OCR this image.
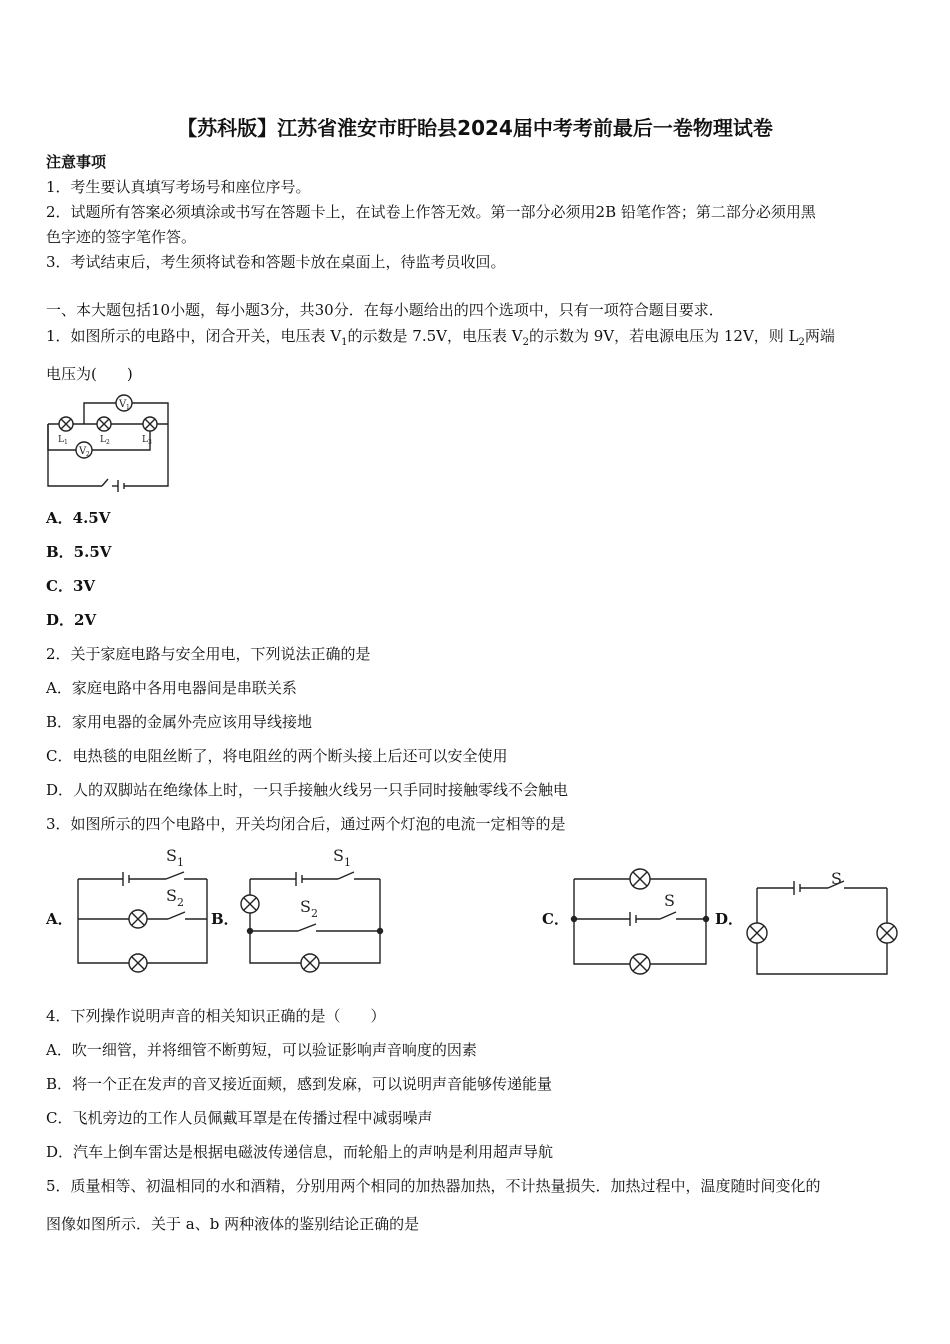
【苏科版】江苏省淮安市盱眙县2024届中考考前最后一卷物理试卷
注意事项
1．考生要认真填写考场号和座位序号。
2．试题所有答案必须填涂或书写在答题卡上，在试卷上作答无效。第一部分必须用2B 铅笔作答；第二部分必须用黑
色字迹的签字笔作答。
3．考试结束后，考生须将试卷和答题卡放在桌面上，待监考员收回。
一、本大题包括10小题，每小题3分，共30分．在每小题给出的四个选项中，只有一项符合题目要求．
1．如图所示的电路中，闭合开关，电压表 $V_1$的示数是 7.5V，电压表 $V_2$的示数为 9V，若电源电压为 12V，则 $L_2$两端
电压为(　　)
V 1
V 2
L 1	L 2	L 3
A．4.5V
B．5.5V
C．3V
D．2V
2．关于家庭电路与安全用电，下列说法正确的是
A．家庭电路中各用电器间是串联关系
B．家用电器的金属外壳应该用导线接地
C．电热毯的电阻丝断了，将电阻丝的两个断头接上后还可以安全使用
D．人的双脚站在绝缘体上时，一只手接触火线另一只手同时接触零线不会触电
3．如图所示的四个电路中，开关均闭合后，通过两个灯泡的电流一定相等的是
A．	B．	C．	D．
S 1
S 2
S 1
S 2
S
S
4．下列操作说明声音的相关知识正确的是（　　）
A．吹一细管，并将细管不断剪短，可以验证影响声音响度的因素
B．将一个正在发声的音叉接近面颊，感到发麻，可以说明声音能够传递能量
C．飞机旁边的工作人员佩戴耳罩是在传播过程中减弱噪声
D．汽车上倒车雷达是根据电磁波传递信息，而轮船上的声呐是利用超声导航
5．质量相等、初温相同的水和酒精，分别用两个相同的加热器加热，不计热量损失．加热过程中，温度随时间变化的
图像如图所示．关于 a、b 两种液体的鉴别结论正确的是
